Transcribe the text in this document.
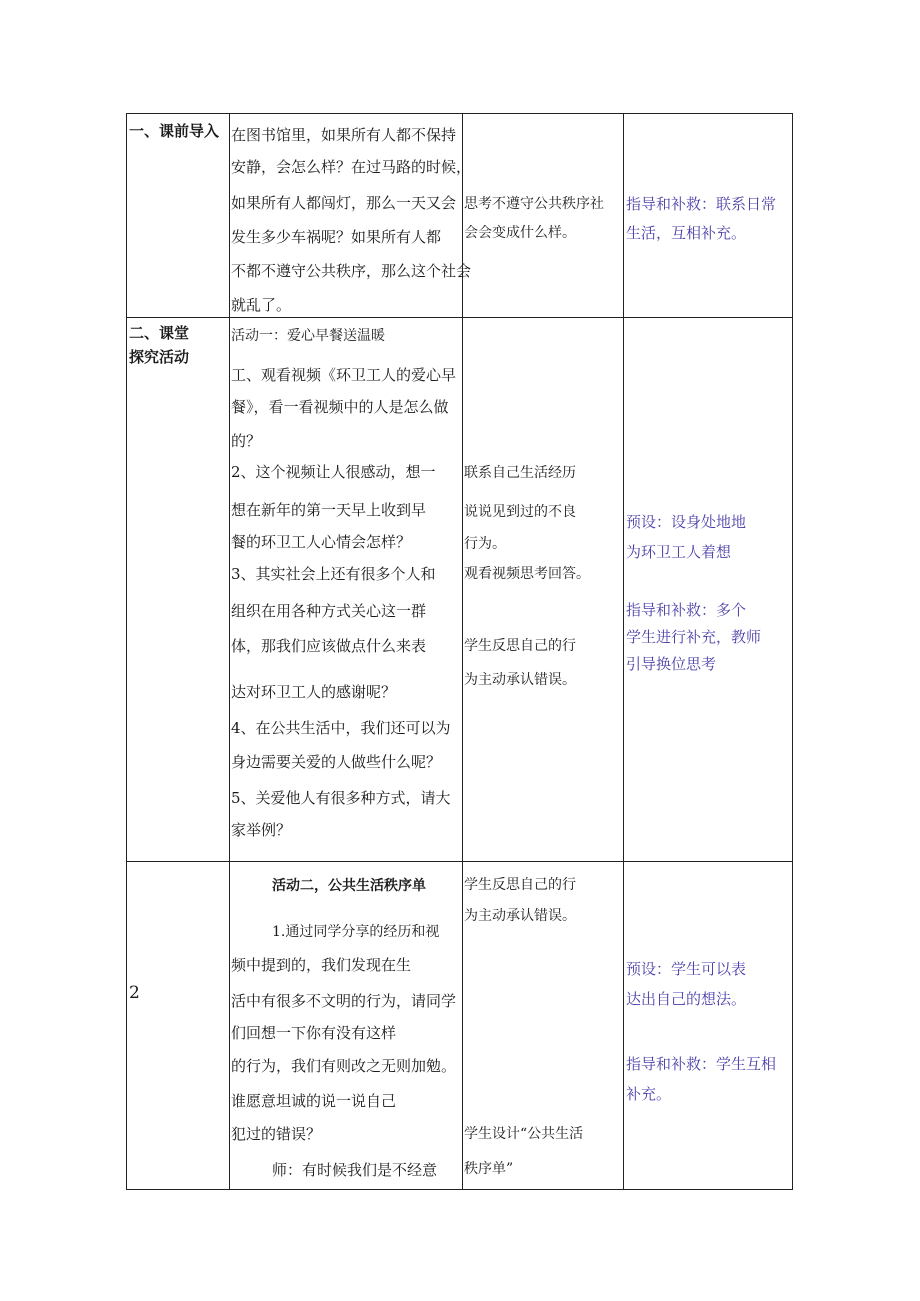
一、课前导入 在图书馆里，如果所有人都不保持
安静，会怎么样？在过马路的时候，
如果所有人都闯灯，那么一天又会
发生多少车祸呢？如果所有人都
不都不遵守公共秩序，那么这个社会
就乱了。
思考不遵守公共秩序社
会会变成什么样。
指导和补救：联系日常
生活，互相补充。
二、课堂
探究活动
活动一：爱心早餐送温暖
工、观看视频《环卫工人的爱心早
餐》，看一看视频中的人是怎么做
的？
2、这个视频让人很感动，想一
想在新年的第一天早上收到早
餐的环卫工人心情会怎样？
3、其实社会上还有很多个人和
组织在用各种方式关心这一群
体，那我们应该做点什么来表
达对环卫工人的感谢呢？
4、在公共生活中，我们还可以为
身边需要关爱的人做些什么呢？
5、关爱他人有很多种方式，请大
家举例？
联系自己生活经历
说说见到过的不良
行为。
观看视频思考回答。
学生反思自己的行
为主动承认错误。
预设：设身处地地
为环卫工人着想
指导和补救：多个
学生进行补充，教师
引导换位思考
2
活动二，公共生活秩序单
1.通过同学分享的经历和视
频中提到的，我们发现在生
活中有很多不文明的行为，请同学
们回想一下你有没有这样
的行为，我们有则改之无则加勉。
谁愿意坦诚的说一说自己
犯过的错误？
师：有时候我们是不经意
学生反思自己的行
为主动承认错误。
学生设计“公共生活
秩序单”
预设：学生可以表
达出自己的想法。
指导和补救：学生互相
补充。
